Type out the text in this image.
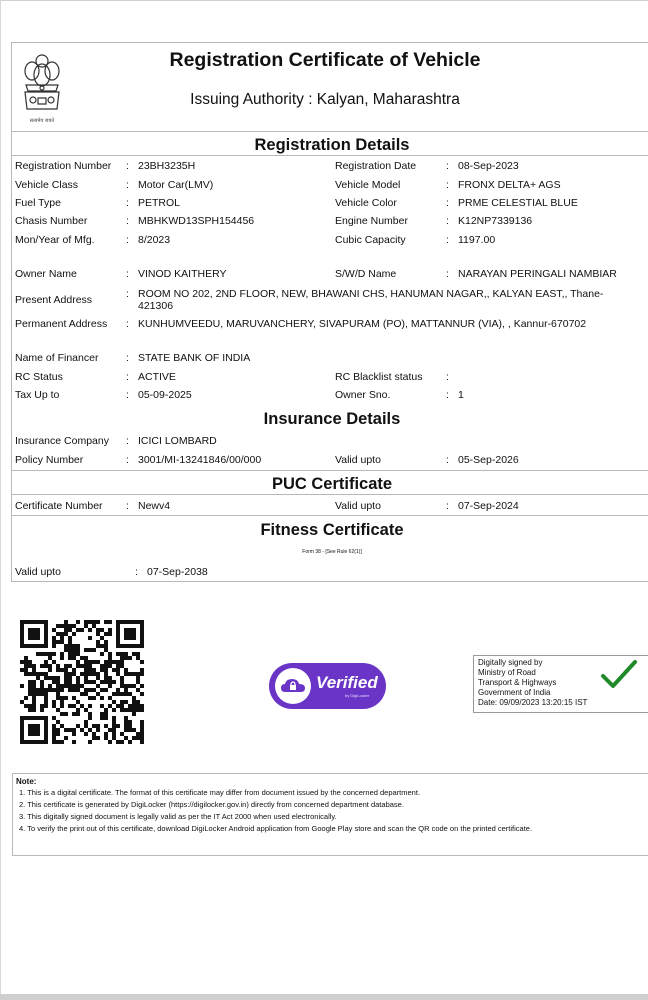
सत्यमेव जयते
Registration Certificate of Vehicle
Issuing Authority : Kalyan, Maharashtra
Registration Details
Registration Number : 23BH3235H	Registration Date	: 08-Sep-2023
Vehicle Class	: Motor Car(LMV)	Vehicle Model	: FRONX DELTA+ AGS
Fuel Type	: PETROL	Vehicle Color	: PRME CELESTIAL BLUE
Chasis Number	: MBHKWD13SPH154456	Engine Number	: K12NP7339136
Mon/Year of Mfg.	: 8/2023	Cubic Capacity	: 1197.00
Owner Name	: VINOD KAITHERY	S/W/D Name	: NARAYAN PERINGALI NAMBIAR
Present Address	: ROOM NO 202, 2ND FLOOR, NEW, BHAWANI CHS, HANUMAN NAGAR,, KALYAN EAST,, Thane-421306
Permanent Address : KUNHUMVEEDU, MARUVANCHERY, SIVAPURAM (PO), MATTANNUR (VIA), , Kannur-670702
Name of Financer	: STATE BANK OF INDIA
RC Status	: ACTIVE	RC Blacklist status :
Tax Up to	: 05-09-2025	Owner Sno.	: 1
Insurance Details
Insurance Company : ICICI LOMBARD
Policy Number	: 3001/MI-13241846/00/000	Valid upto	: 05-Sep-2026
PUC Certificate
Certificate Number : Newv4	Valid upto	: 07-Sep-2024
Fitness Certificate
Form 38 - [See Rule 62(1)]
Valid upto	: 07-Sep-2038
Verified
by DigiLocker
Digitally signed by
Ministry of Road
Transport & Highways
Government of India
Date: 09/09/2023 13:20:15 IST
Note:
1. This is a digital certificate. The format of this certificate may differ from document issued by the concerned department.
2. This certificate is generated by DigiLocker (https://digilocker.gov.in) directly from concerned department database.
3. This digitally signed document is legally valid as per the IT Act 2000 when used electronically.
4. To verify the print out of this certificate, download DigiLocker Android application from Google Play store and scan the QR code on the printed certificate.
